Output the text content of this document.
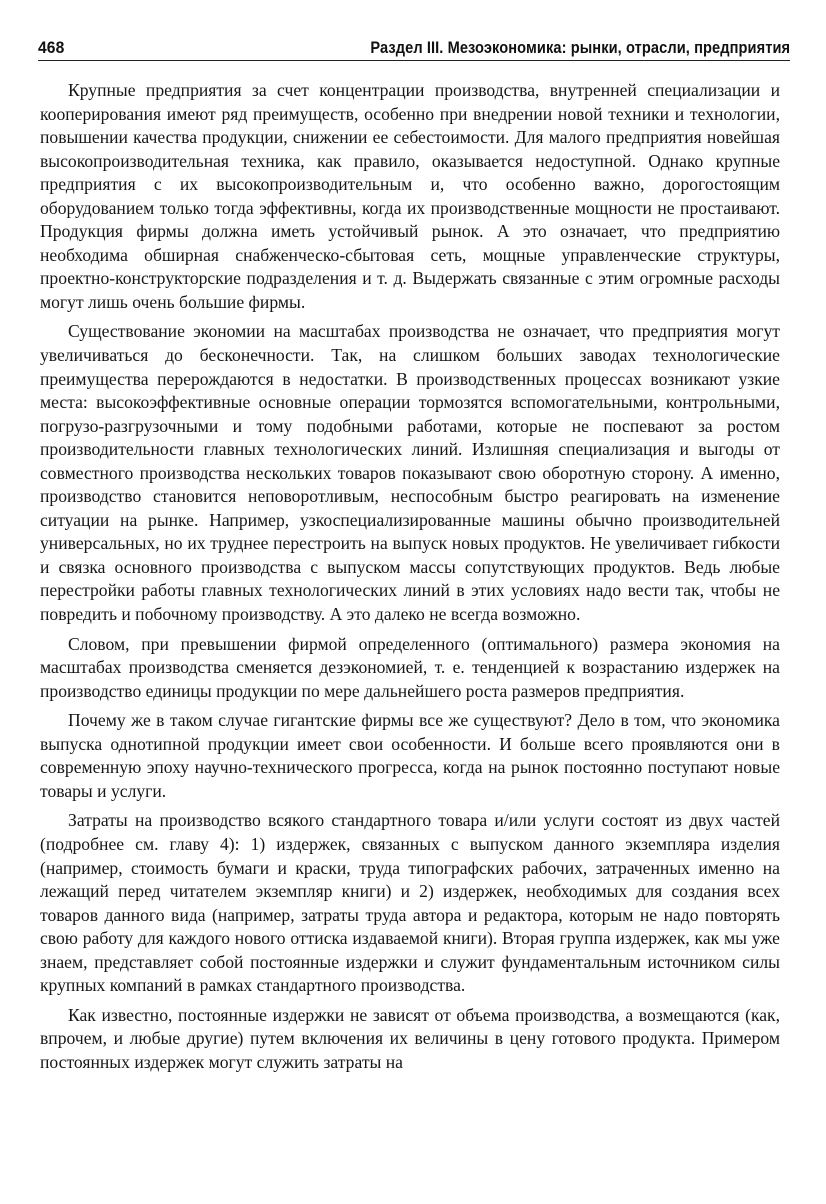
468	Раздел III. Мезоэкономика: рынки, отрасли, предприятия

Крупные предприятия за счет концентрации производства, внутренней специализации и кооперирования имеют ряд преимуществ, особенно при внедрении новой техники и технологии, повышении качества продукции, снижении ее себестоимости. Для малого предприятия новейшая высокопроизводительная техника, как правило, оказывается недоступной. Однако крупные предприятия с их высокопроизводительным и, что особенно важно, дорогостоящим оборудованием только тогда эффективны, когда их производственные мощности не простаивают. Продукция фирмы должна иметь устойчивый рынок. А это означает, что предприятию необходима обширная снабженческо-сбытовая сеть, мощные управленческие структуры, проектно-конструкторские подразделения и т. д. Выдержать связанные с этим огромные расходы могут лишь очень большие фирмы.

Существование экономии на масштабах производства не означает, что предприятия могут увеличиваться до бесконечности. Так, на слишком больших заводах технологические преимущества перерождаются в недостатки. В производственных процессах возникают узкие места: высокоэффективные основные операции тормозятся вспомогательными, контрольными, погрузо-разгрузочными и тому подобными работами, которые не поспевают за ростом производительности главных технологических линий. Излишняя специализация и выгоды от совместного производства нескольких товаров показывают свою оборотную сторону. А именно, производство становится неповоротливым, неспособным быстро реагировать на изменение ситуации на рынке. Например, узкоспециализированные машины обычно производительней универсальных, но их труднее перестроить на выпуск новых продуктов. Не увеличивает гибкости и связка основного производства с выпуском массы сопутствующих продуктов. Ведь любые перестройки работы главных технологических линий в этих условиях надо вести так, чтобы не повредить и побочному производству. А это далеко не всегда возможно.

Словом, при превышении фирмой определенного (оптимального) размера экономия на масштабах производства сменяется дезэкономией, т. е. тенденцией к возрастанию издержек на производство единицы продукции по мере дальнейшего роста размеров предприятия.

Почему же в таком случае гигантские фирмы все же существуют? Дело в том, что экономика выпуска однотипной продукции имеет свои особенности. И больше всего проявляются они в современную эпоху научно-технического прогресса, когда на рынок постоянно поступают новые товары и услуги.

Затраты на производство всякого стандартного товара и/или услуги состоят из двух частей (подробнее см. главу 4): 1) издержек, связанных с выпуском данного экземпляра изделия (например, стоимость бумаги и краски, труда типографских рабочих, затраченных именно на лежащий перед читателем экземпляр книги) и 2) издержек, необходимых для создания всех товаров данного вида (например, затраты труда автора и редактора, которым не надо повторять свою работу для каждого нового оттиска издаваемой книги). Вторая группа издержек, как мы уже знаем, представляет собой постоянные издержки и служит фундаментальным источником силы крупных компаний в рамках стандартного производства.

Как известно, постоянные издержки не зависят от объема производства, а возмещаются (как, впрочем, и любые другие) путем включения их величины в цену готового продукта. Примером постоянных издержек могут служить затраты на
